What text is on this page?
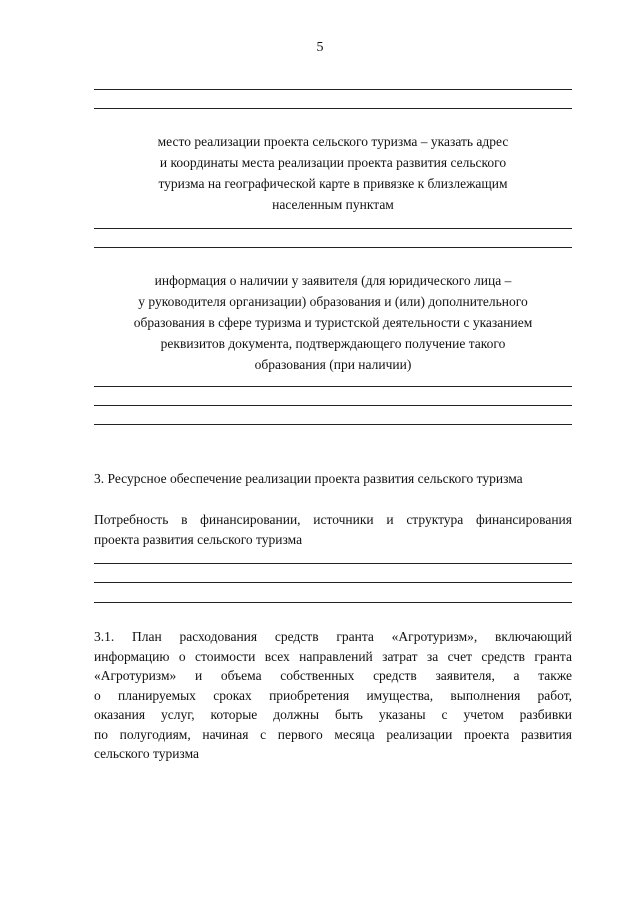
5
место реализации проекта сельского туризма – указать адрес
и координаты места реализации проекта развития сельского
туризма на географической карте в привязке к близлежащим
населенным пунктам
информация о наличии у заявителя (для юридического лица –
у руководителя организации) образования и (или) дополнительного
образования в сфере туризма и туристской деятельности с указанием
реквизитов документа, подтверждающего получение такого
образования (при наличии)
3. Ресурсное обеспечение реализации проекта развития сельского туризма
Потребность в финансировании, источники и структура финансирования
проекта развития сельского туризма
3.1. План расходования средств гранта «Агротуризм», включающий
информацию о стоимости всех направлений затрат за счет средств гранта
«Агротуризм» и объема собственных средств заявителя, а также
о планируемых сроках приобретения имущества, выполнения работ,
оказания услуг, которые должны быть указаны с учетом разбивки
по полугодиям, начиная с первого месяца реализации проекта развития
сельского туризма
